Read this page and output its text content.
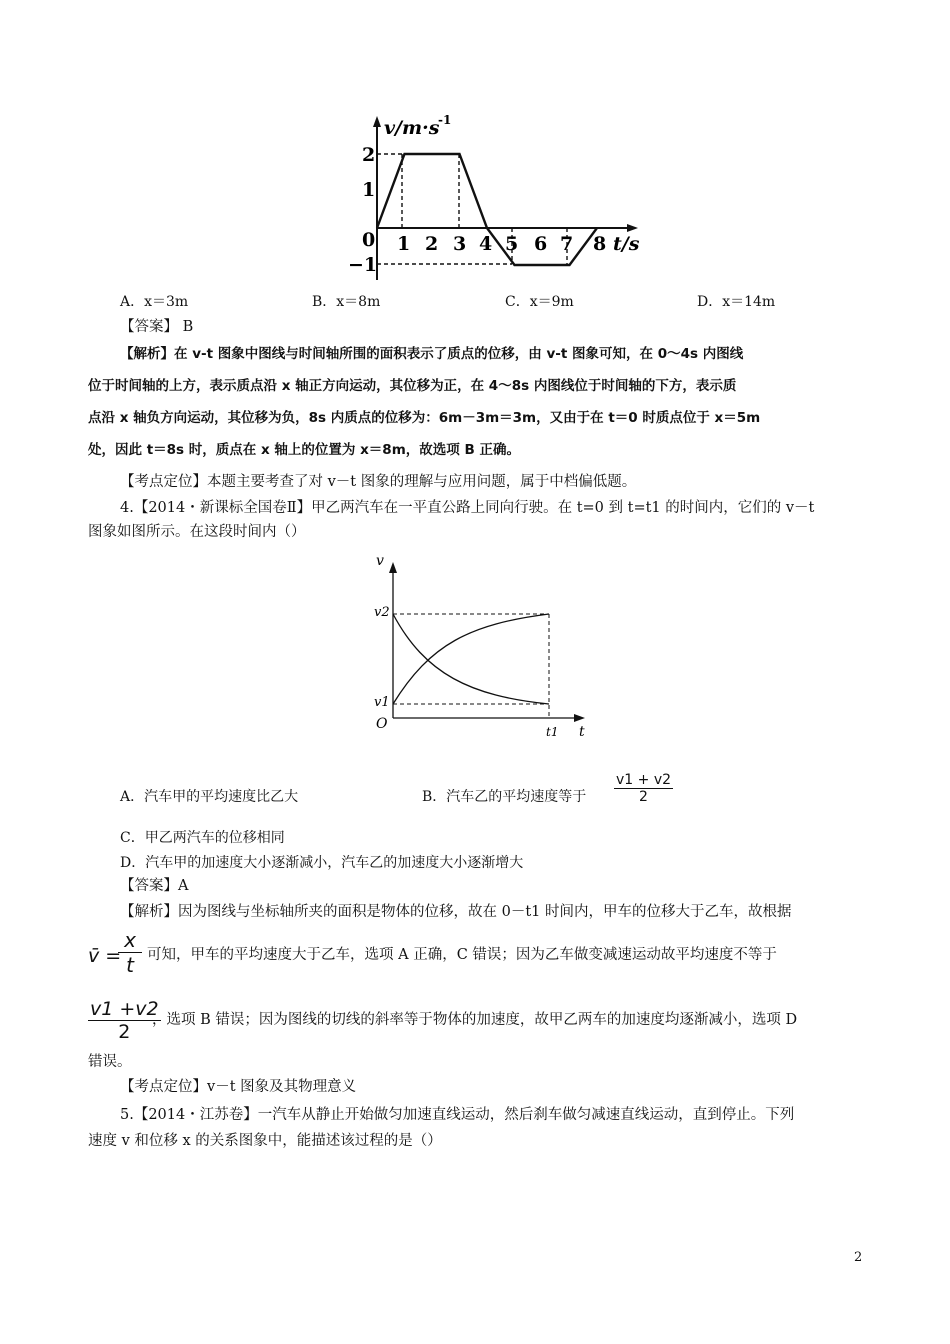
v/m·s
-1
t/s
0
2
1
−1
1 2 3 4 5 6 7 8
A．x＝3m	B．x＝8m	C．x＝9m	D．x＝14m
【答案】 B
【解析】在 v-t 图象中图线与时间轴所围的面积表示了质点的位移，由 v-t 图象可知，在 0～4s 内图线
位于时间轴的上方，表示质点沿 x 轴正方向运动，其位移为正，在 4～8s 内图线位于时间轴的下方，表示质
点沿 x 轴负方向运动，其位移为负，8s 内质点的位移为：6m－3m＝3m，又由于在 t＝0 时质点位于 x＝5m
处，因此 t＝8s 时，质点在 x 轴上的位置为 x＝8m，故选项 B 正确。
【考点定位】本题主要考查了对 v－t 图象的理解与应用问题，属于中档偏低题。
4.【2014・新课标全国卷Ⅱ】甲乙两汽车在一平直公路上同向行驶。在 t=0 到 t=t1 的时间内，它们的 v－t
图象如图所示。在这段时间内（）
v
v2
v1
O	t1 t
A．汽车甲的平均速度比乙大	B．汽车乙的平均速度等于 $\frac{v1 + v2}{2}$
C．甲乙两汽车的位移相同
D．汽车甲的加速度大小逐渐减小，汽车乙的加速度大小逐渐增大
【答案】A
【解析】因为图线与坐标轴所夹的面积是物体的位移，故在 0－t1 时间内，甲车的位移大于乙车，故根据
v̄ =
$\frac{x}{t}$ 可知，甲车的平均速度大于乙车，选项 A 正确，C 错误；因为乙车做变减速运动故平均速度不等于
$\frac{v1 +v2}{2}$
，选项 B 错误；因为图线的切线的斜率等于物体的加速度，故甲乙两车的加速度均逐渐减小，选项 D
错误。
【考点定位】v－t 图象及其物理意义
5.【2014・江苏卷】一汽车从静止开始做匀加速直线运动，然后刹车做匀减速直线运动，直到停止。下列
速度 v 和位移 x 的关系图象中，能描述该过程的是（）
2
